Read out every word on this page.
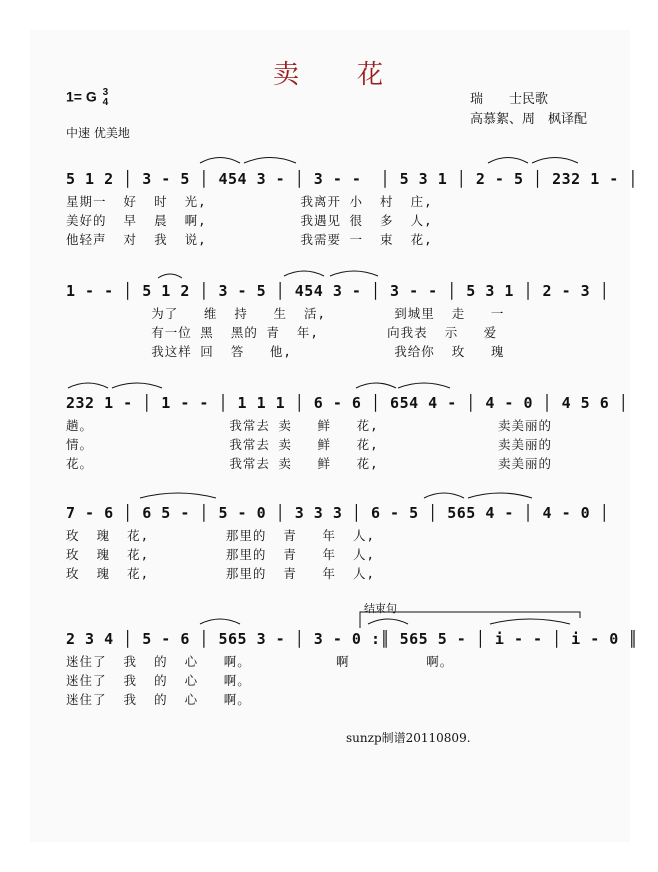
卖　　花
1= G 3
4
中速 优美地
瑞　　士民歌
高慕絮、周　枫译配
5 1 2 │ 3 - 5 │ 454 3 - │ 3 - -  │ 5 3 1 │ 2 - 5 │ 232 1 - │
星期一  好  时  光,           我离开 小  村  庄,
美好的  早  晨  啊,           我遇见 很  多  人,
他轻声  对  我  说,           我需要 一  束  花,
1 - - │ 5 1 2 │ 3 - 5 │ 454 3 - │ 3 - - │ 5 3 1 │ 2 - 3 │
为了   维  持   生  活,        到城里  走   一
有一位 黑  黑的 青  年,        向我表  示   爱
我这样 回  答   他,            我给你  玫   瑰
232 1 - │ 1 - - │ 1 1 1 │ 6 - 6 │ 654 4 - │ 4 - 0 │ 4 5 6 │
趟。                我常去 卖   鲜   花,              卖美丽的
情。                我常去 卖   鲜   花,              卖美丽的
花。                我常去 卖   鲜   花,              卖美丽的
7 - 6 │ 6 5 - │ 5 - 0 │ 3 3 3 │ 6 - 5 │ 565 4 - │ 4 - 0 │
玫  瑰  花,         那里的  青   年  人,
玫  瑰  花,         那里的  青   年  人,
玫  瑰  花,         那里的  青   年  人,
结束句
2 3 4 │ 5 - 6 │ 565 3 - │ 3 - 0 :║ 565 5 - │ i - - │ i - 0 ║
迷住了  我  的  心   啊。          啊         啊。
迷住了  我  的  心   啊。
迷住了  我  的  心   啊。
sunzp制谱20110809.
